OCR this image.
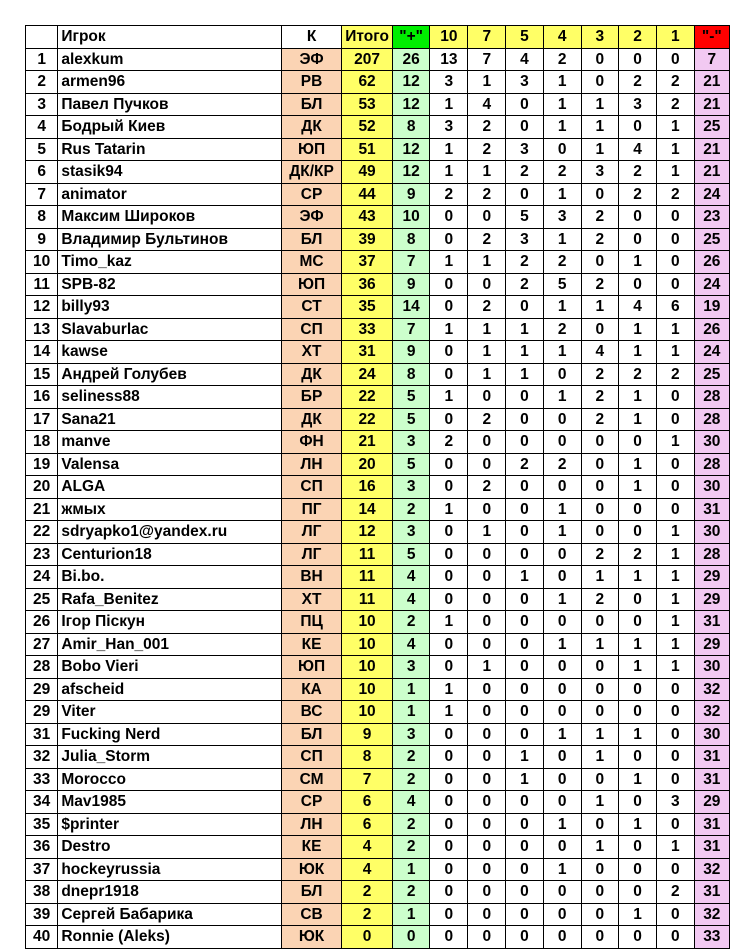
	Игрок	К	Итого	"+"	10	7	5	4	3	2	1	"-"
1	alexkum	ЭФ	207	26	13	7	4	2	0	0	0	7
2	armen96	РВ	62	12	3	1	3	1	0	2	2	21
3	Павел Пучков	БЛ	53	12	1	4	0	1	1	3	2	21
4	Бодрый Киев	ДК	52	8	3	2	0	1	1	0	1	25
5	Rus Tatarin	ЮП	51	12	1	2	3	0	1	4	1	21
6	stasik94	ДК/КР	49	12	1	1	2	2	3	2	1	21
7	animator	СР	44	9	2	2	0	1	0	2	2	24
8	Максим Широков	ЭФ	43	10	0	0	5	3	2	0	0	23
9	Владимир Бультинов	БЛ	39	8	0	2	3	1	2	0	0	25
10	Timo_kaz	МС	37	7	1	1	2	2	0	1	0	26
11	SPB-82	ЮП	36	9	0	0	2	5	2	0	0	24
12	billy93	СТ	35	14	0	2	0	1	1	4	6	19
13	Slavaburlac	СП	33	7	1	1	1	2	0	1	1	26
14	kawse	ХТ	31	9	0	1	1	1	4	1	1	24
15	Андрей Голубев	ДК	24	8	0	1	1	0	2	2	2	25
16	seliness88	БР	22	5	1	0	0	1	2	1	0	28
17	Sana21	ДК	22	5	0	2	0	0	2	1	0	28
18	manve	ФН	21	3	2	0	0	0	0	0	1	30
19	Valensa	ЛН	20	5	0	0	2	2	0	1	0	28
20	ALGA	СП	16	3	0	2	0	0	0	1	0	30
21	жмых	ПГ	14	2	1	0	0	1	0	0	0	31
22	sdryapko1@yandex.ru	ЛГ	12	3	0	1	0	1	0	0	1	30
23	Centurion18	ЛГ	11	5	0	0	0	0	2	2	1	28
24	Bi.bo.	ВН	11	4	0	0	1	0	1	1	1	29
25	Rafa_Benitez	ХТ	11	4	0	0	0	1	2	0	1	29
26	Ігор Піскун	ПЦ	10	2	1	0	0	0	0	0	1	31
27	Amir_Han_001	КЕ	10	4	0	0	0	1	1	1	1	29
28	Bobo Vieri	ЮП	10	3	0	1	0	0	0	1	1	30
29	afscheid	КА	10	1	1	0	0	0	0	0	0	32
29	Viter	ВС	10	1	1	0	0	0	0	0	0	32
31	Fucking Nerd	БЛ	9	3	0	0	0	1	1	1	0	30
32	Julia_Storm	СП	8	2	0	0	1	0	1	0	0	31
33	Morocco	СМ	7	2	0	0	1	0	0	1	0	31
34	Mav1985	СР	6	4	0	0	0	0	1	0	3	29
35	$printer	ЛН	6	2	0	0	0	1	0	1	0	31
36	Destro	КЕ	4	2	0	0	0	0	1	0	1	31
37	hockeyrussia	ЮК	4	1	0	0	0	1	0	0	0	32
38	dnepr1918	БЛ	2	2	0	0	0	0	0	0	2	31
39	Сергей Бабарика	СВ	2	1	0	0	0	0	0	1	0	32
40	Ronnie (Aleks)	ЮК	0	0	0	0	0	0	0	0	0	33
